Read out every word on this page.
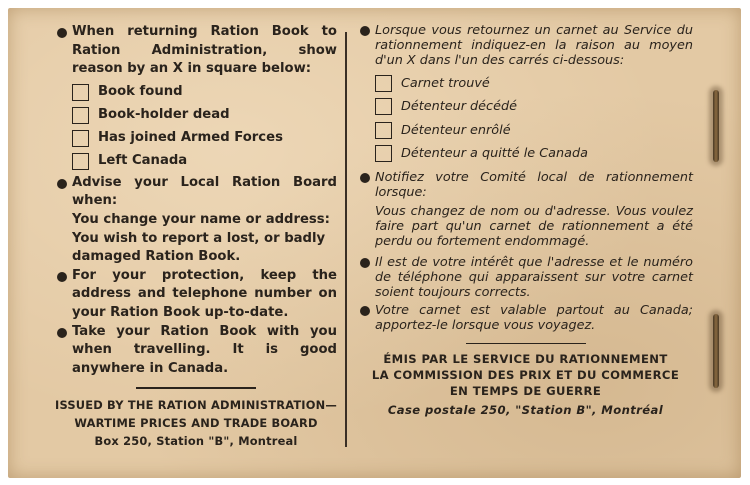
When returning Ration Book to Ration Administration, show reason by an X in square below:
Book found
Book-holder dead
Has joined Armed Forces
Left Canada
Advise your Local Ration Board when:
You change your name or address:
You wish to report a lost, or badly damaged Ration Book.
For your protection, keep the address and telephone number on your Ration Book up-to-date.
Take your Ration Book with you when travelling. It is good anywhere in Canada.
ISSUED BY THE RATION ADMINISTRATION—
WARTIME PRICES AND TRADE BOARD
Box 250, Station "B", Montreal
Lorsque vous retournez un carnet au Service du rationnement indiquez-en la raison au moyen d'un X dans l'un des carrés ci-dessous:
Carnet trouvé
Détenteur décédé
Détenteur enrôlé
Détenteur a quitté le Canada
Notifiez votre Comité local de rationnement lorsque:
Vous changez de nom ou d'adresse. Vous voulez faire part qu'un carnet de rationnement a été perdu ou fortement endommagé.
Il est de votre intérêt que l'adresse et le numéro de téléphone qui apparaissent sur votre carnet soient toujours corrects.
Votre carnet est valable partout au Canada; apportez-le lorsque vous voyagez.
ÉMIS PAR LE SERVICE DU RATIONNEMENT
LA COMMISSION DES PRIX ET DU COMMERCE
EN TEMPS DE GUERRE
Case postale 250, "Station B", Montréal
